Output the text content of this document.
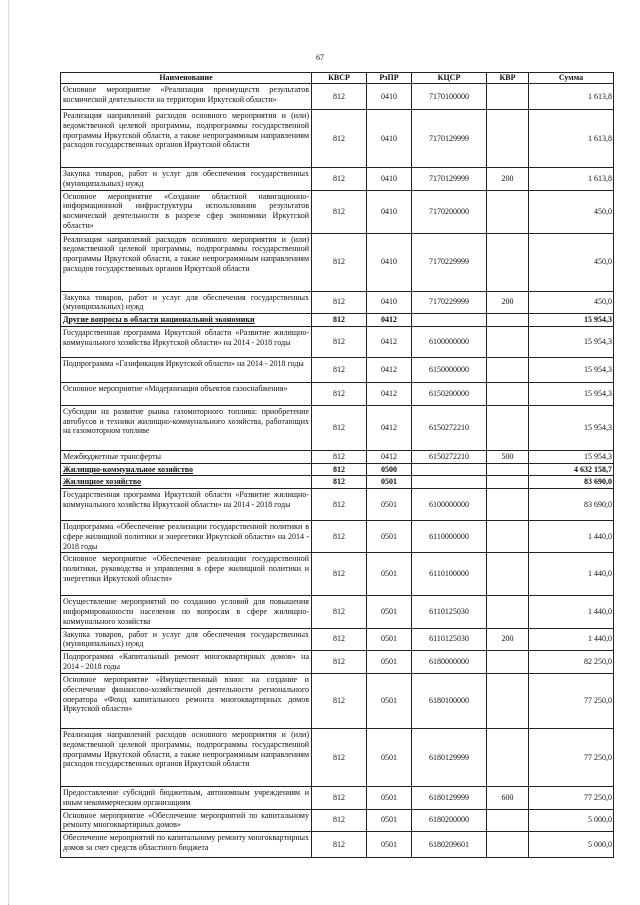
67
Наименование	КВСР	РзПР	КЦСР	КВР	Сумма
Основное мероприятие «Реализация преимуществ результатов космической деятельности на территории Иркутской области»	812	0410	7170100000		1 613,8
Реализация направлений расходов основного мероприятия и (или) ведомственной целевой программы, подпрограммы государственной программы Иркутской области, а также непрограммным направлениям расходов государственных органов Иркутской области	812	0410	7170129999		1 613,8
Закупка товаров, работ и услуг для обеспечения государственных (муниципальных) нужд	812	0410	7170129999	200	1 613,8
Основное мероприятие «Создание областной навигационно-информационной инфраструктуры использования результатов космической деятельности в разрезе сфер экономики Иркутской области»	812	0410	7170200000		450,0
Реализация направлений расходов основного мероприятия и (или) ведомственной целевой программы, подпрограммы государственной программы Иркутской области, а также непрограммным направлениям расходов государственных органов Иркутской области	812	0410	7170229999		450,0
Закупка товаров, работ и услуг для обеспечения государственных (муниципальных) нужд	812	0410	7170229999	200	450,0
Другие вопросы в области национальной экономики	812	0412			15 954,3
Государственная программа Иркутской области «Развитие жилищно-коммунального хозяйства Иркутской области» на 2014 - 2018 годы	812	0412	6100000000		15 954,3
Подпрограмма «Газификация Иркутской области» на 2014 - 2018 годы	812	0412	6150000000		15 954,3
Основное мероприятие «Модернизация объектов газоснабжения»	812	0412	6150200000		15 954,3
Субсидии на развитие рынка газомоторного топлива: приобретение автобусов и техники жилищно-коммунального хозяйства, работающих на газомоторном топливе	812	0412	6150272210		15 954,3
Межбюджетные трансферты	812	0412	6150272210	500	15 954,3
Жилищно-коммунальное хозяйство	812	0500			4 632 158,7
Жилищное хозяйство	812	0501			83 690,0
Государственная программа Иркутской области «Развитие жилищно-коммунального хозяйства Иркутской области» на 2014 - 2018 годы	812	0501	6100000000		83 690,0
Подпрограмма «Обеспечение реализации государственной политики в сфере жилищной политики и энергетики Иркутской области» на 2014 - 2018 годы	812	0501	6110000000		1 440,0
Основное мероприятие «Обеспечение реализации государственной политики, руководства и управления в сфере жилищной политики и энергетики Иркутской области»	812	0501	6110100000		1 440,0
Осуществление мероприятий по созданию условий для повышения информированности населения по вопросам в сфере жилищно-коммунального хозяйства	812	0501	6110125030		1 440,0
Закупка товаров, работ и услуг для обеспечения государственных (муниципальных) нужд	812	0501	6110125030	200	1 440,0
Подпрограмма «Капитальный ремонт многоквартирных домов» на 2014 - 2018 годы	812	0501	6180000000		82 250,0
Основное мероприятие «Имущественный взнос на создание и обеспечение финансово-хозяйственной деятельности регионального оператора «Фонд капитального ремонта многоквартирных домов Иркутской области»	812	0501	6180100000		77 250,0
Реализация направлений расходов основного мероприятия и (или) ведомственной целевой программы, подпрограммы государственной программы Иркутской области, а также непрограммным направлениям расходов государственных органов Иркутской области	812	0501	6180129999		77 250,0
Предоставление субсидий бюджетным, автономным учреждениям и иным некоммерческим организациям	812	0501	6180129999	600	77 250,0
Основное мероприятие «Обеспечение мероприятий по капитальному ремонту многоквартирных домов»	812	0501	6180200000		5 000,0
Обеспечение мероприятий по капитальному ремонту многоквартирных домов за счет средств областного бюджета	812	0501	6180209601		5 000,0
